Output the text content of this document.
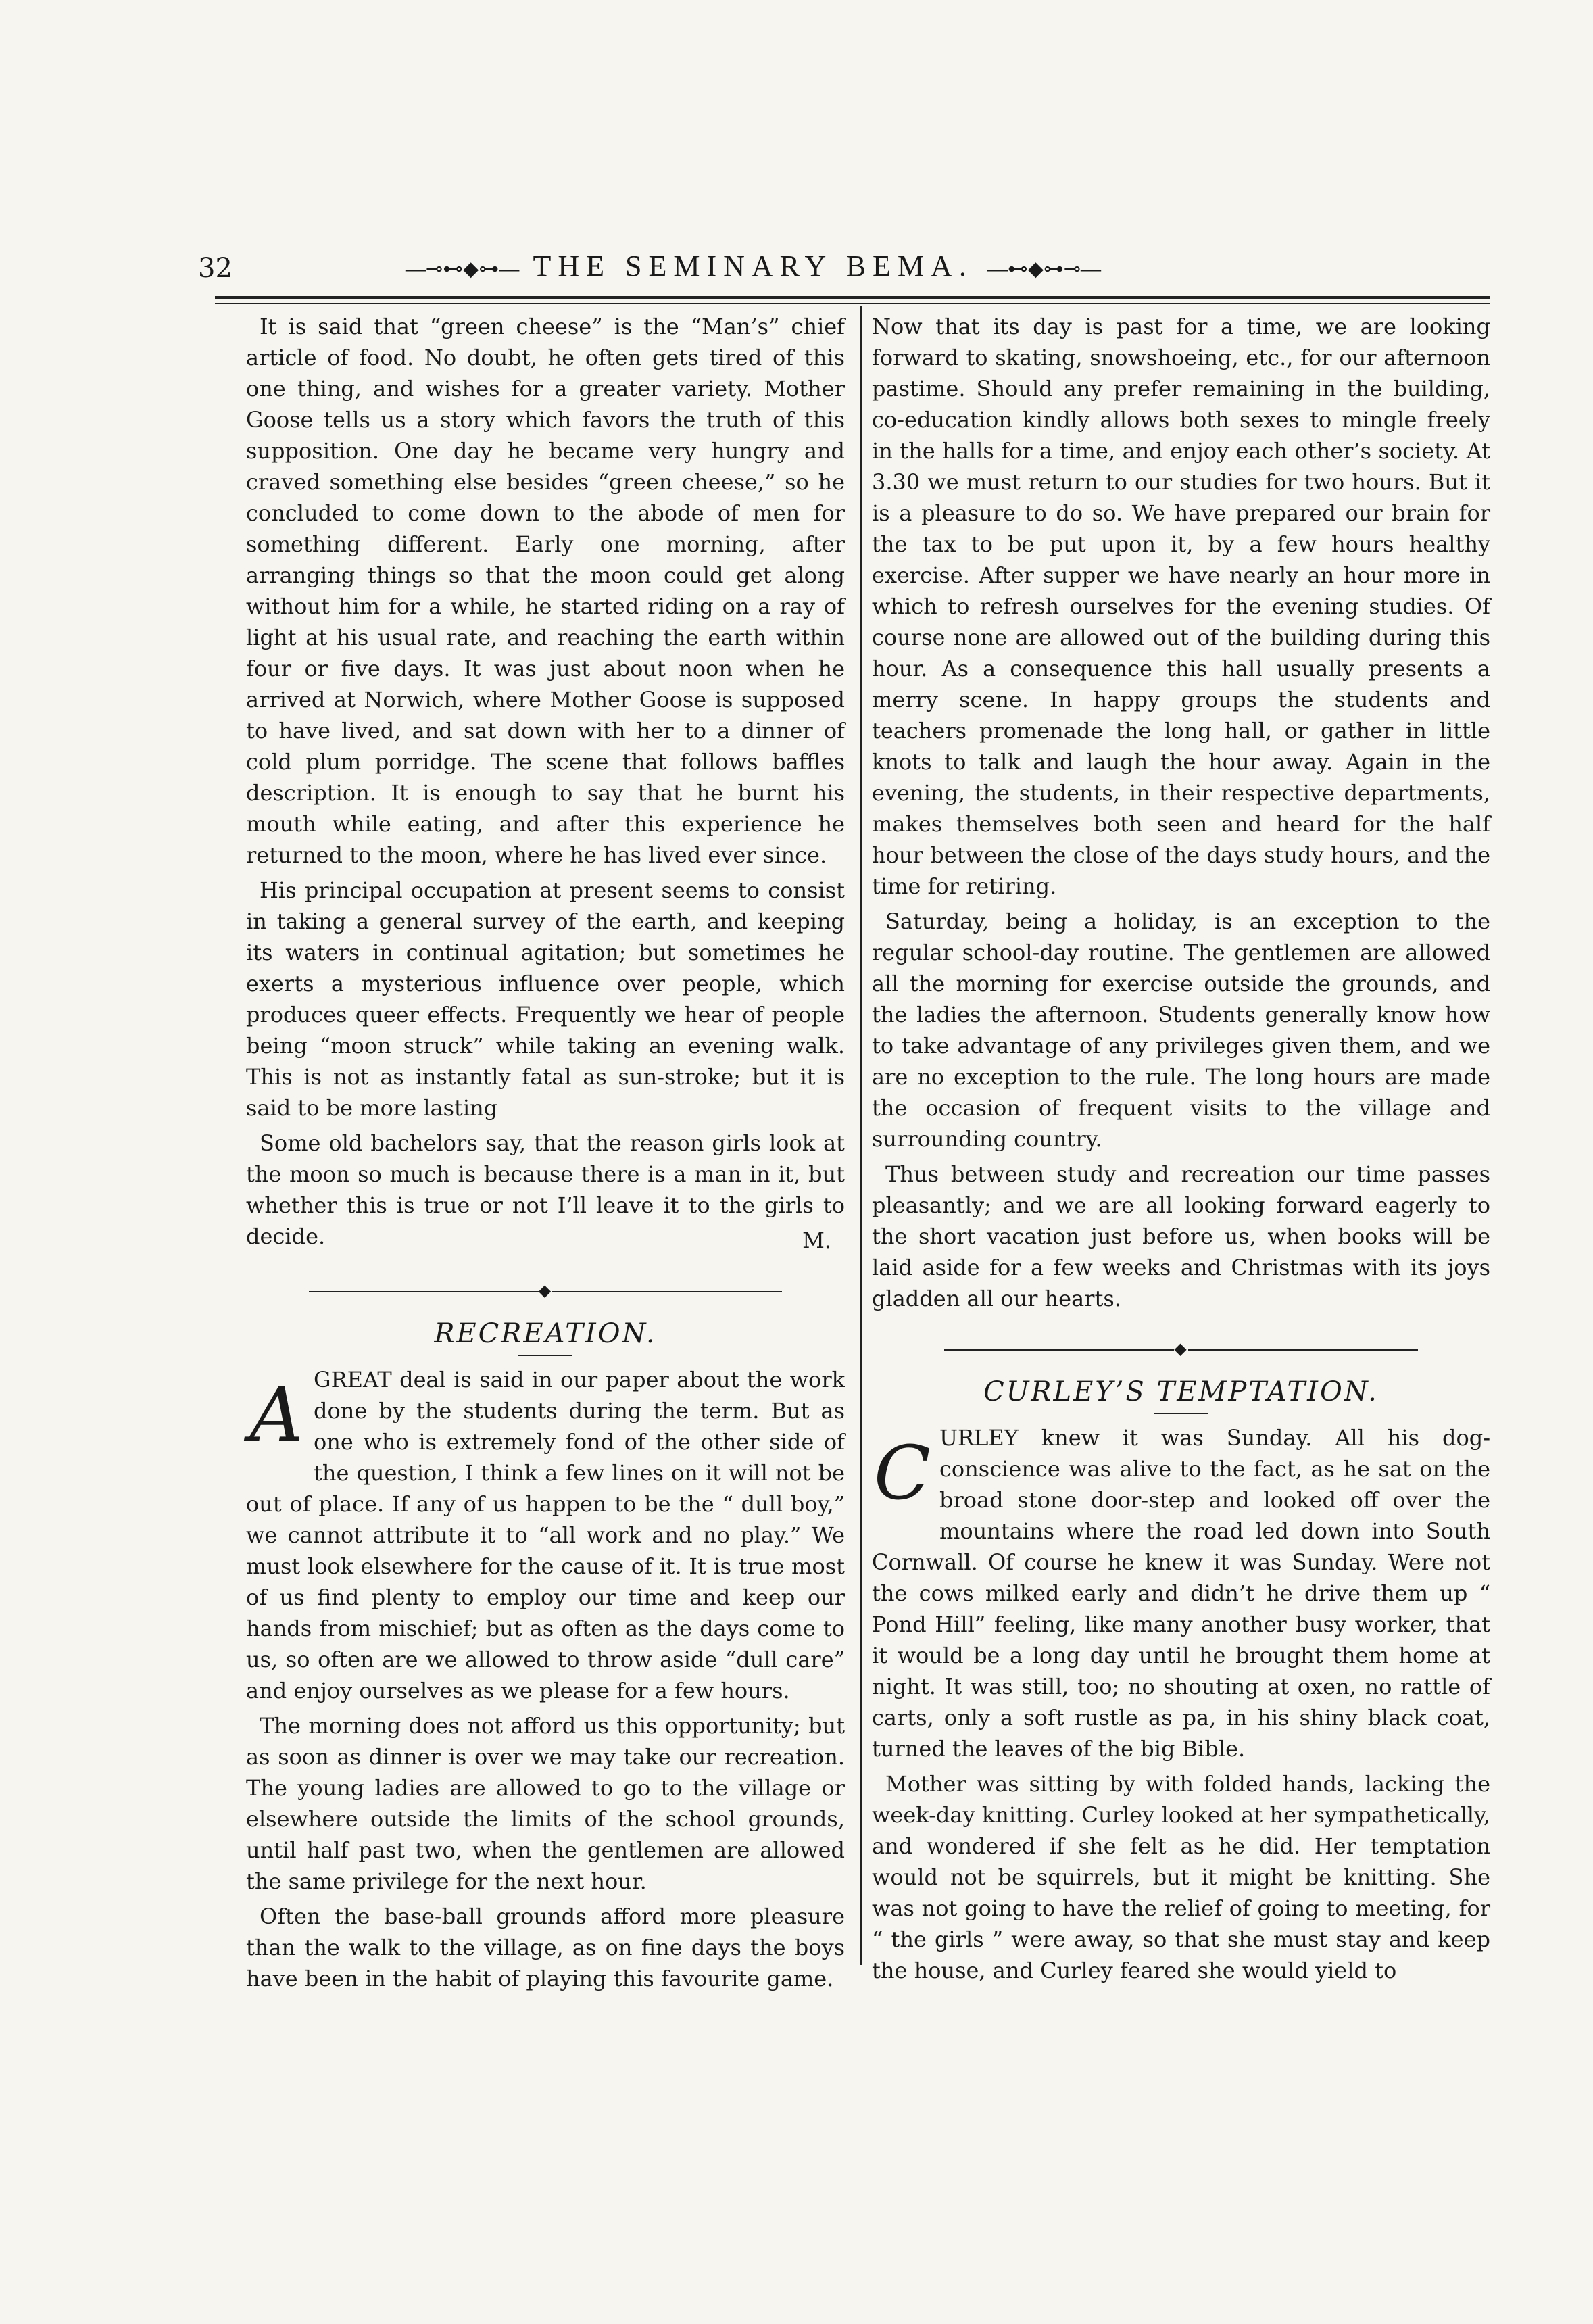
32	—⊸⊷◆⊶— THE SEMINARY BEMA. —⊷◆⊶⊸—

It is said that “green cheese” is the “Man’s” chief article of food. No doubt, he often gets tired of this one thing, and wishes for a greater variety. Mother Goose tells us a story which favors the truth of this supposition. One day he became very hungry and craved something else besides “green cheese,” so he concluded to come down to the abode of men for something different. Early one morning, after arranging things so that the moon could get along without him for a while, he started riding on a ray of light at his usual rate, and reaching the earth within four or five days. It was just about noon when he arrived at Norwich, where Mother Goose is supposed to have lived, and sat down with her to a dinner of cold plum porridge. The scene that follows baffles description. It is enough to say that he burnt his mouth while eating, and after this experience he returned to the moon, where he has lived ever since.

His principal occupation at present seems to consist in taking a general survey of the earth, and keeping its waters in continual agitation; but sometimes he exerts a mysterious influence over people, which produces queer effects. Frequently we hear of people being “moon struck” while taking an evening walk. This is not as instantly fatal as sun-stroke; but it is said to be more lasting

Some old bachelors say, that the reason girls look at the moon so much is because there is a man in it, but whether this is true or not I’ll leave it to the girls to decide.	M.
◆
RECREATION.

A GREAT deal is said in our paper about the work done by the students during the term. But as one who is extremely fond of the other side of the question, I think a few lines on it will not be out of place. If any of us happen to be the “ dull boy,” we cannot attribute it to “all work and no play.” We must look elsewhere for the cause of it. It is true most of us find plenty to employ our time and keep our hands from mischief; but as often as the days come to us, so often are we allowed to throw aside “dull care” and enjoy ourselves as we please for a few hours.

The morning does not afford us this opportunity; but as soon as dinner is over we may take our recreation. The young ladies are allowed to go to the village or elsewhere outside the limits of the school grounds, until half past two, when the gentlemen are allowed the same privilege for the next hour.

Often the base-ball grounds afford more pleasure than the walk to the village, as on fine days the boys have been in the habit of playing this favourite game.

Now that its day is past for a time, we are looking forward to skating, snowshoeing, etc., for our afternoon pastime. Should any prefer remaining in the building, co-education kindly allows both sexes to mingle freely in the halls for a time, and enjoy each other’s society. At 3.30 we must return to our studies for two hours. But it is a pleasure to do so. We have prepared our brain for the tax to be put upon it, by a few hours healthy exercise. After supper we have nearly an hour more in which to refresh ourselves for the evening studies. Of course none are allowed out of the building during this hour. As a consequence this hall usually presents a merry scene. In happy groups the students and teachers promenade the long hall, or gather in little knots to talk and laugh the hour away. Again in the evening, the students, in their respective departments, makes themselves both seen and heard for the half hour between the close of the days study hours, and the time for retiring.

Saturday, being a holiday, is an exception to the regular school-day routine. The gentlemen are allowed all the morning for exercise outside the grounds, and the ladies the afternoon. Students generally know how to take advantage of any privileges given them, and we are no exception to the rule. The long hours are made the occasion of frequent visits to the village and surrounding country.

Thus between study and recreation our time passes pleasantly; and we are all looking forward eagerly to the short vacation just before us, when books will be laid aside for a few weeks and Christmas with its joys gladden all our hearts.

◆
CURLEY’S TEMPTATION.

C URLEY knew it was Sunday. All his dog-conscience was alive to the fact, as he sat on the broad stone door-step and looked off over the mountains where the road led down into South Cornwall. Of course he knew it was Sunday. Were not the cows milked early and didn’t he drive them up “ Pond Hill” feeling, like many another busy worker, that it would be a long day until he brought them home at night. It was still, too; no shouting at oxen, no rattle of carts, only a soft rustle as pa, in his shiny black coat, turned the leaves of the big Bible.

Mother was sitting by with folded hands, lacking the week-day knitting. Curley looked at her sympathetically, and wondered if she felt as he did. Her temptation would not be squirrels, but it might be knitting. She was not going to have the relief of going to meeting, for “ the girls ” were away, so that she must stay and keep the house, and Curley feared she would yield to
